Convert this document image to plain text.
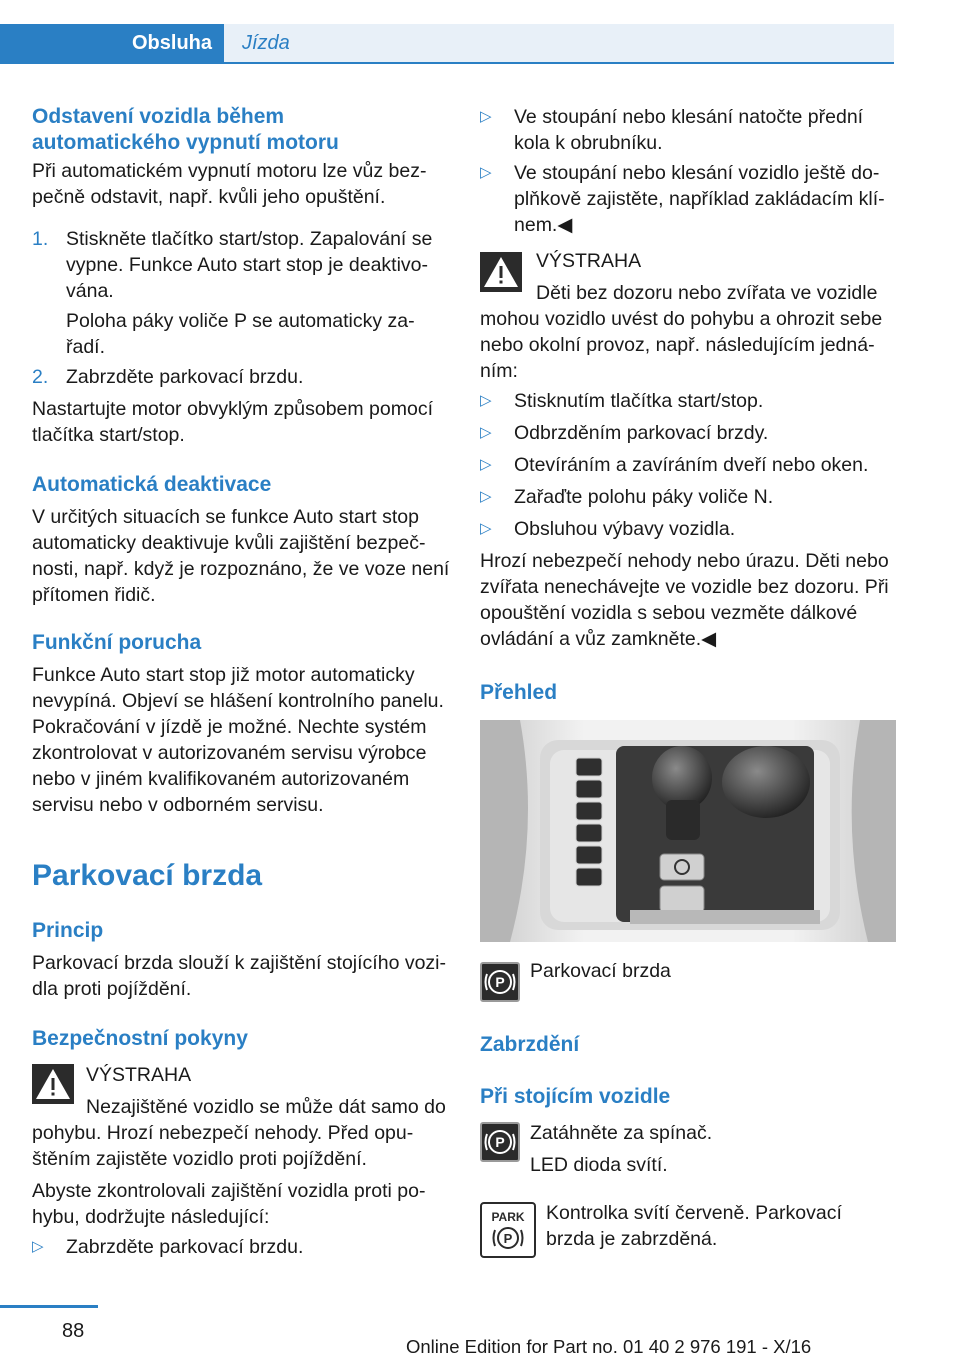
Obsluha	Jízda
Odstavení vozidla během
automatického vypnutí motoru
Při automatickém vypnutí motoru lze vůz bez‐
pečně odstavit, např. kvůli jeho opuštění.
1. Stiskněte tlačítko start/stop. Zapalování se
vypne. Funkce Auto start stop je deaktivo‐
vána.
Poloha páky voliče P se automaticky za‐
řadí.
2. Zabrzděte parkovací brzdu.
Nastartujte motor obvyklým způsobem pomocí
tlačítka start/stop.
Automatická deaktivace
V určitých situacích se funkce Auto start stop
automaticky deaktivuje kvůli zajištění bezpeč‐
nosti, např. když je rozpoznáno, že ve voze není
přítomen řidič.
Funkční porucha
Funkce Auto start stop již motor automaticky
nevypíná. Objeví se hlášení kontrolního panelu.
Pokračování v jízdě je možné. Nechte systém
zkontrolovat v autorizovaném servisu výrobce
nebo v jiném kvalifikovaném autorizovaném
servisu nebo v odborném servisu.
Parkovací brzda
Princip
Parkovací brzda slouží k zajištění stojícího vozi‐
dla proti pojíždění.
Bezpečnostní pokyny
VÝSTRAHA
Nezajištěné vozidlo se může dát samo do
pohybu. Hrozí nebezpečí nehody. Před opu‐
štěním zajistěte vozidlo proti pojíždění.
Abyste zkontrolovali zajištění vozidla proti po‐
hybu, dodržujte následující:
▷ Zabrzděte parkovací brzdu.
▷ Ve stoupání nebo klesání natočte přední
kola k obrubníku.
▷ Ve stoupání nebo klesání vozidlo ještě do‐
plňkově zajistěte, například zakládacím klí‐
nem.◀
VÝSTRAHA
Děti bez dozoru nebo zvířata ve vozidle
mohou vozidlo uvést do pohybu a ohrozit sebe
nebo okolní provoz, např. následujícím jedná‐
ním:
▷ Stisknutím tlačítka start/stop.
▷ Odbrzděním parkovací brzdy.
▷ Otevíráním a zavíráním dveří nebo oken.
▷ Zařaďte polohu páky voliče N.
▷ Obsluhou výbavy vozidla.
Hrozí nebezpečí nehody nebo úrazu. Děti nebo
zvířata nenechávejte ve vozidle bez dozoru. Při
opouštění vozidla s sebou vezměte dálkové
ovládání a vůz zamkněte.◀
Přehled
P Parkovací brzda
Zabrzdění
Při stojícím vozidle
P Zatáhněte za spínač.
LED dioda svítí.
PARK
P
Kontrolka svítí červeně. Parkovací
brzda je zabrzděná.
88
Online Edition for Part no. 01 40 2 976 191 - X/16
